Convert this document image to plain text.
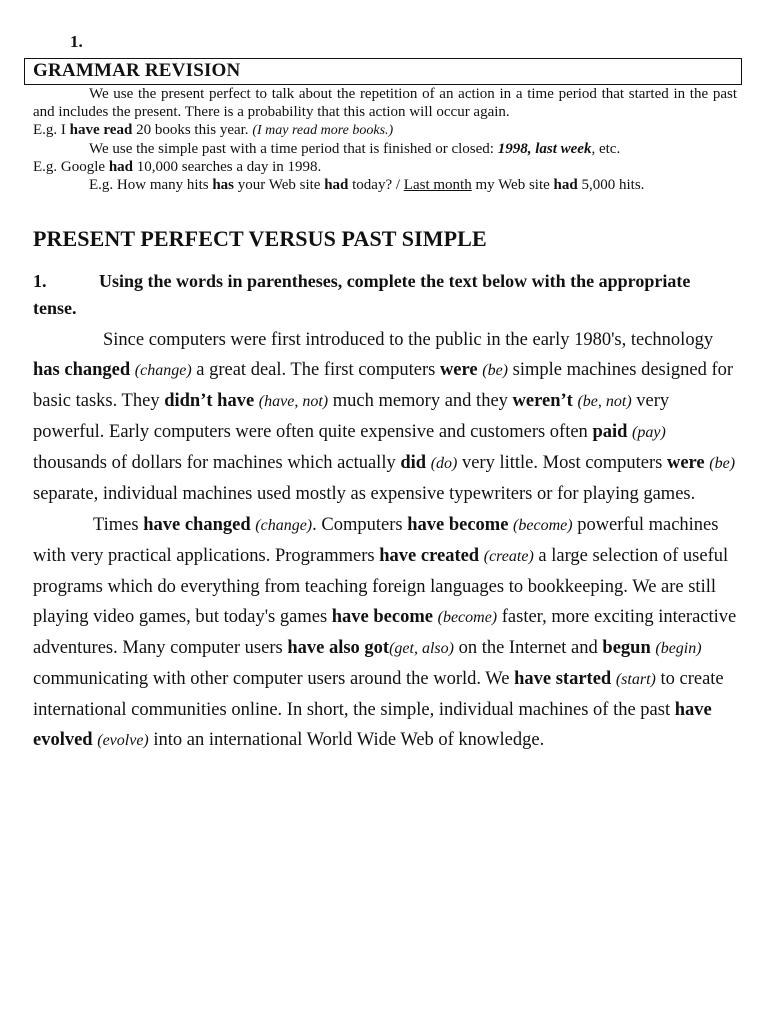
1.
GRAMMAR REVISION

We use the present perfect to talk about the repetition of an action in a time period that started in the past and includes the present. There is a probability that this action will occur again.

E.g. I have read 20 books this year. (I may read more books.)

We use the simple past with a time period that is finished or closed: 1998, last week, etc.

E.g. Google had 10,000 searches a day in 1998.

E.g. How many hits has your Web site had today? / Last month my Web site had 5,000 hits.

PRESENT PERFECT VERSUS PAST SIMPLE
1.	Using the words in parentheses, complete the text below with the appropriate tense.

Since computers were first introduced to the public in the early 1980's, technology has changed (change) a great deal. The first computers were (be) simple machines designed for basic tasks. They didn’t have (have, not) much memory and they weren’t (be, not) very powerful. Early computers were often quite expensive and customers often paid (pay) thousands of dollars for machines which actually did (do) very little. Most computers were (be) separate, individual machines used mostly as expensive typewriters or for playing games.

Times have changed (change). Computers have become (become) powerful machines with very practical applications. Programmers have created (create) a large selection of useful programs which do everything from teaching foreign languages to bookkeeping. We are still playing video games, but today's games have become (become) faster, more exciting interactive adventures. Many computer users have also got(get, also) on the Internet and begun (begin) communicating with other computer users around the world. We have started (start) to create international communities online. In short, the simple, individual machines of the past have evolved (evolve) into an international World Wide Web of knowledge.
